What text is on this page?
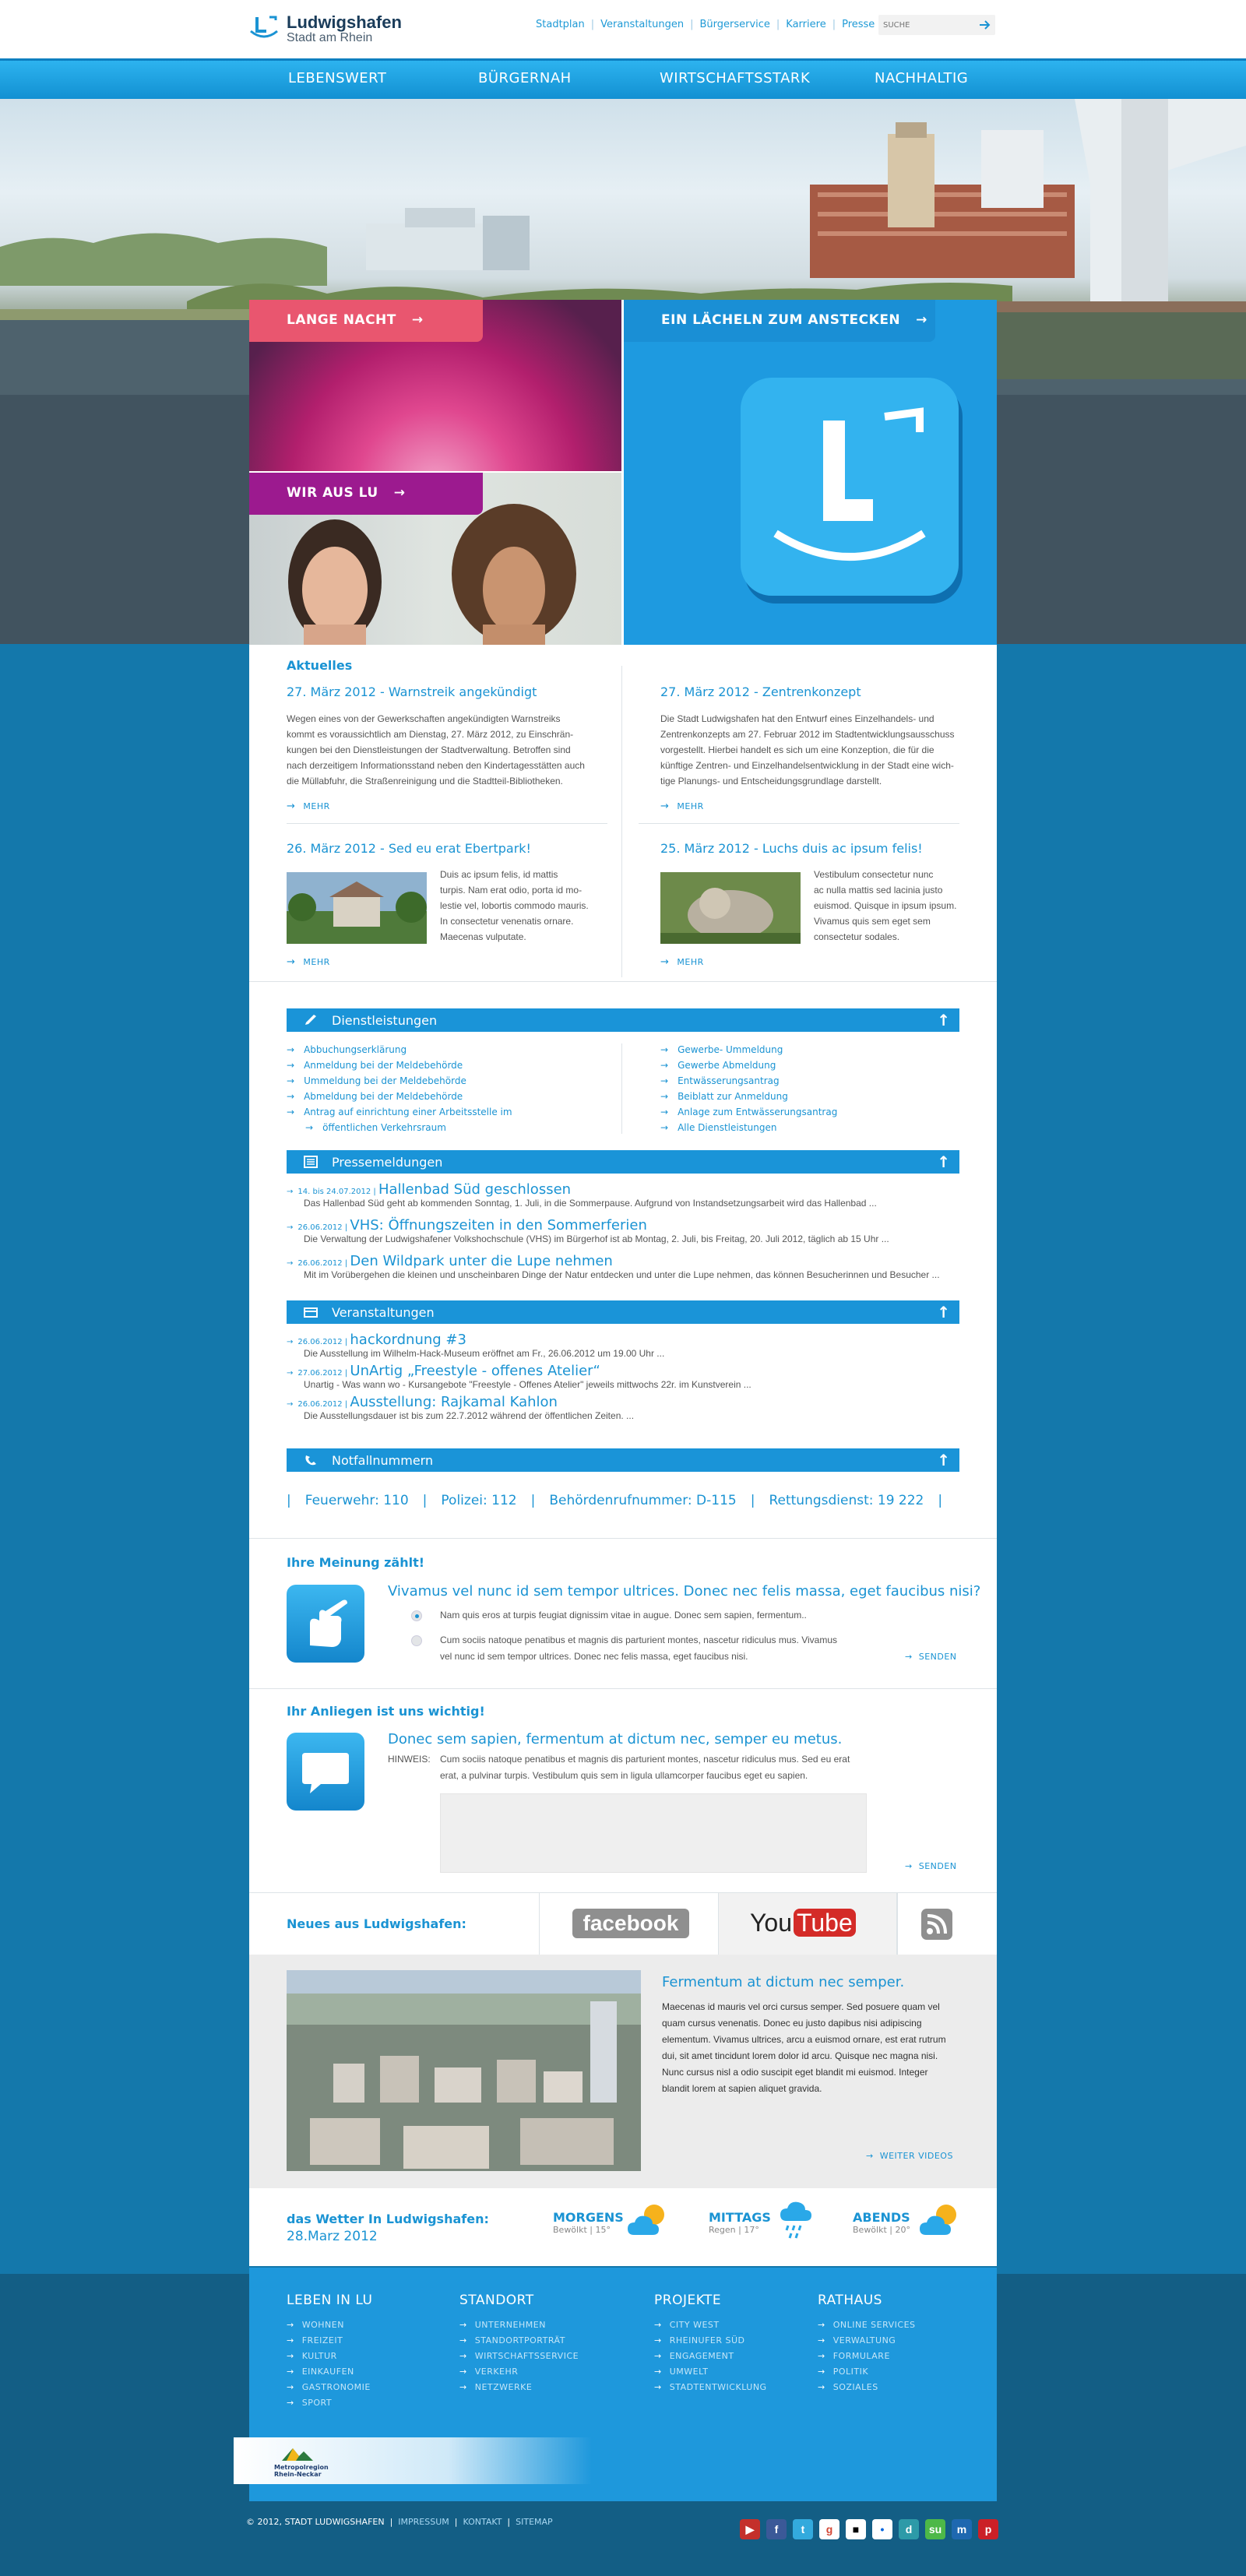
Ludwigshafen
Stadt am Rhein
Stadtplan | Veranstaltungen | Bürgerservice | Karriere | Presse
SUCHE
LEBENSWERT	BÜRGERNAH	WIRTSCHAFTSSTARK	NACHHALTIG
LANGE NACHT →
WIR AUS LU →
EIN LÄCHELN ZUM ANSTECKEN →
Aktuelles
27. März 2012 - Warnstreik angekündigt
Wegen eines von der Gewerkschaften angekündigten Warnstreiks
kommt es voraussichtlich am Dienstag, 27. März 2012, zu Einschrän-
kungen bei den Dienstleistungen der Stadtverwaltung. Betroffen sind
nach derzeitigem Informationsstand neben den Kindertagesstätten auch
die Müllabfuhr, die Straßenreinigung und die Stadtteil-Bibliotheken.
→ MEHR
27. März 2012 - Zentrenkonzept
Die Stadt Ludwigshafen hat den Entwurf eines Einzelhandels- und
Zentrenkonzepts am 27. Februar 2012 im Stadtentwicklungsausschuss
vorgestellt. Hierbei handelt es sich um eine Konzeption, die für die
künftige Zentren- und Einzelhandelsentwicklung in der Stadt eine wich-
tige Planungs- und Entscheidungsgrundlage darstellt.
→ MEHR
26. März 2012 - Sed eu erat Ebertpark!
Duis ac ipsum felis, id mattis
turpis. Nam erat odio, porta id mo-
lestie vel, lobortis commodo mauris.
In consectetur venenatis ornare.
Maecenas vulputate.
→ MEHR
25. März 2012 - Luchs duis ac ipsum felis!
Vestibulum consectetur nunc
ac nulla mattis sed lacinia justo
euismod. Quisque in ipsum ipsum.
Vivamus quis sem eget sem
consectetur sodales.
→ MEHR
Dienstleistungen	↑
→ Abbuchungserklärung
→ Anmeldung bei der Meldebehörde
→ Ummeldung bei der Meldebehörde
→ Abmeldung bei der Meldebehörde
→ Antrag auf einrichtung einer Arbeitsstelle im
→ öffentlichen Verkehrsraum
→ Gewerbe- Ummeldung
→ Gewerbe Abmeldung
→ Entwässerungsantrag
→ Beiblatt zur Anmeldung
→ Anlage zum Entwässerungsantrag
→ Alle Dienstleistungen
Pressemeldungen	↑
→ 14. bis 24.07.2012 | Hallenbad Süd geschlossen
Das Hallenbad Süd geht ab kommenden Sonntag, 1. Juli, in die Sommerpause. Aufgrund von Instandsetzungsarbeit wird das Hallenbad ...
→ 26.06.2012 | VHS: Öffnungszeiten in den Sommerferien
Die Verwaltung der Ludwigshafener Volkshochschule (VHS) im Bürgerhof ist ab Montag, 2. Juli, bis Freitag, 20. Juli 2012, täglich ab 15 Uhr ...
→ 26.06.2012 | Den Wildpark unter die Lupe nehmen
Mit im Vorübergehen die kleinen und unscheinbaren Dinge der Natur entdecken und unter die Lupe nehmen, das können Besucherinnen und Besucher ...
Veranstaltungen	↑
→ 26.06.2012 | hackordnung #3
Die Ausstellung im Wilhelm-Hack-Museum eröffnet am Fr., 26.06.2012 um 19.00 Uhr ...
→ 27.06.2012 | UnArtig „Freestyle - offenes Atelier“
Unartig - Was wann wo - Kursangebote "Freestyle - Offenes Atelier" jeweils mittwochs 22r. im Kunstverein ...
→ 26.06.2012 | Ausstellung: Rajkamal Kahlon
Die Ausstellungsdauer ist bis zum 22.7.2012 während der öffentlichen Zeiten. ...
Notfallnummern	↑
| Feuerwehr: 110 | Polizei: 112 | Behördenrufnummer: D-115 | Rettungsdienst: 19 222 |
Ihre Meinung zählt!
Vivamus vel nunc id sem tempor ultrices. Donec nec felis massa, eget faucibus nisi?
Nam quis eros at turpis feugiat dignissim vitae in augue. Donec sem sapien, fermentum..
Cum sociis natoque penatibus et magnis dis parturient montes, nascetur ridiculus mus. Vivamus
vel nunc id sem tempor ultrices. Donec nec felis massa, eget faucibus nisi.
→	SENDEN
Ihr Anliegen ist uns wichtig!
Donec sem sapien, fermentum at dictum nec, semper eu metus.
HINWEIS: Cum sociis natoque penatibus et magnis dis parturient montes, nascetur ridiculus mus. Sed eu erat
erat, a pulvinar turpis. Vestibulum quis sem in ligula ullamcorper faucibus eget eu sapien.
→ SENDEN
Neues aus Ludwigshafen:	facebook	You Tube
Fermentum at dictum nec semper.
Maecenas id mauris vel orci cursus semper. Sed posuere quam vel
quam cursus venenatis. Donec eu justo dapibus nisi adipiscing
elementum. Vivamus ultrices, arcu a euismod ornare, est erat rutrum
dui, sit amet tincidunt lorem dolor id arcu. Quisque nec magna nisi.
Nunc cursus nisl a odio suscipit eget blandit mi euismod. Integer
blandit lorem at sapien aliquet gravida.
→ WEITER VIDEOS
das Wetter In Ludwigshafen:
28.Marz 2012
MORGENS
Bewölkt | 15°
MITTAGS
Regen | 17°
ABENDS
Bewölkt | 20°
LEBEN IN LU
→ WOHNEN
→ FREIZEIT
→ KULTUR
→ EINKAUFEN
→ GASTRONOMIE
→ SPORT
STANDORT
→ UNTERNEHMEN
→ STANDORTPORTRÄT
→ WIRTSCHAFTSSERVICE
→ VERKEHR
→ NETZWERKE
PROJEKTE
→ CITY WEST
→ RHEINUFER SÜD
→ ENGAGEMENT
→ UMWELT
→ STADTENTWICKLUNG
RATHAUS
→ ONLINE SERVICES
→ VERWALTUNG
→ FORMULARE
→ POLITIK
→ SOZIALES
Metropolregion
Rhein-Neckar
© 2012, STADT LUDWIGSHAFEN  |  IMPRESSUM  |  KONTAKT  |  SITEMAP
▶	f	t	g	■	•	d	su	m	p
